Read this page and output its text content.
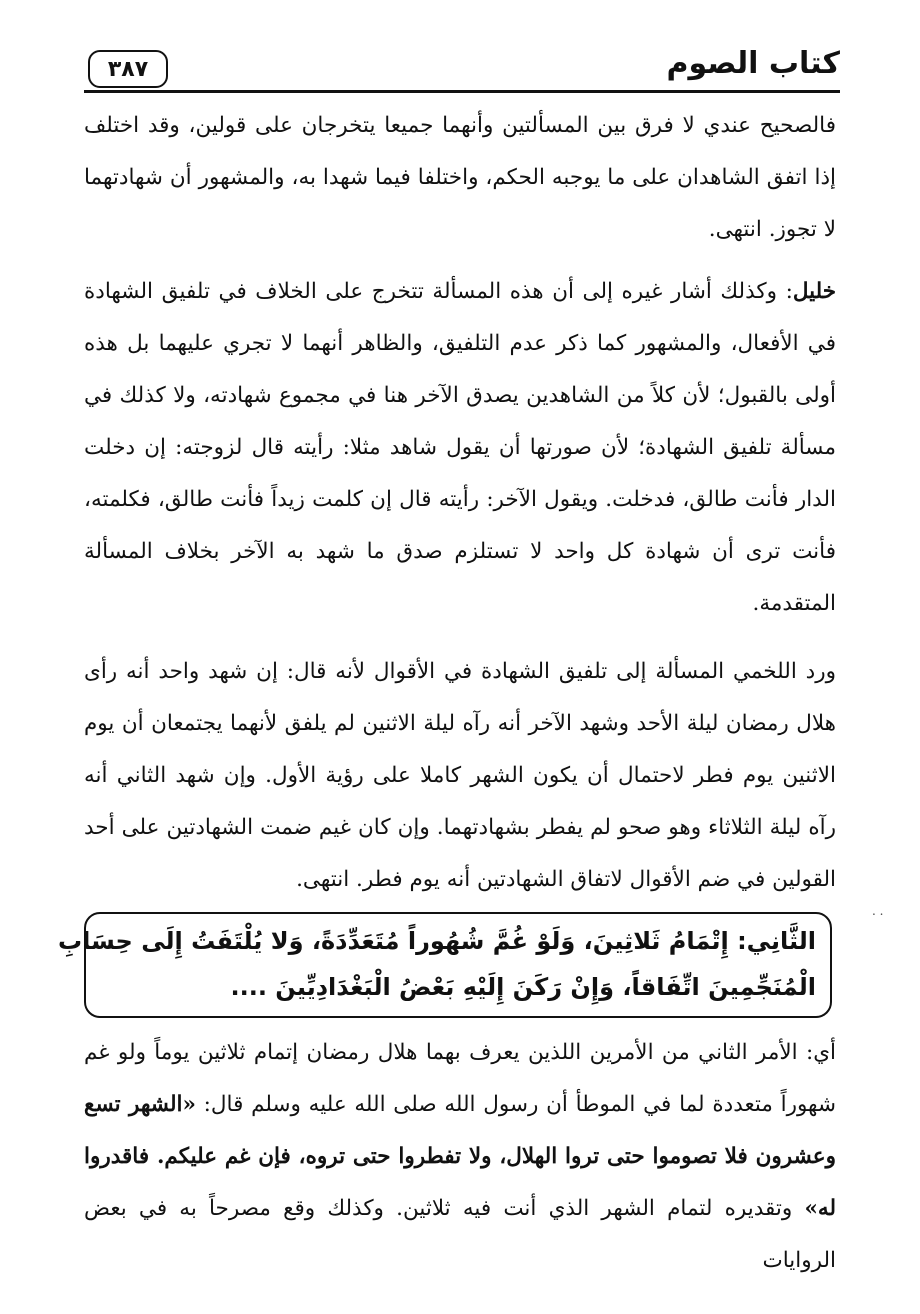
كتاب الصوم
٣٨٧

فالصحيح عندي لا فرق بين المسألتين وأنهما جميعا يتخرجان على قولين، وقد اختلف إذا اتفق الشاهدان على ما يوجبه الحكم، واختلفا فيما شهدا به، والمشهور أن شهادتهما لا تجوز. انتهى.

خليل: وكذلك أشار غيره إلى أن هذه المسألة تتخرج على الخلاف في تلفيق الشهادة في الأفعال، والمشهور كما ذكر عدم التلفيق، والظاهر أنهما لا تجري عليهما بل هذه أولى بالقبول؛ لأن كلاً من الشاهدين يصدق الآخر هنا في مجموع شهادته، ولا كذلك في مسألة تلفيق الشهادة؛ لأن صورتها أن يقول شاهد مثلا: رأيته قال لزوجته: إن دخلت الدار فأنت طالق، فدخلت. ويقول الآخر: رأيته قال إن كلمت زيداً فأنت طالق، فكلمته، فأنت ترى أن شهادة كل واحد لا تستلزم صدق ما شهد به الآخر بخلاف المسألة المتقدمة.

ورد اللخمي المسألة إلى تلفيق الشهادة في الأقوال لأنه قال: إن شهد واحد أنه رأى هلال رمضان ليلة الأحد وشهد الآخر أنه رآه ليلة الاثنين لم يلفق لأنهما يجتمعان أن يوم الاثنين يوم فطر لاحتمال أن يكون الشهر كاملا على رؤية الأول. وإن شهد الثاني أنه رآه ليلة الثلاثاء وهو صحو لم يفطر بشهادتهما. وإن كان غيم ضمت الشهادتين على أحد القولين في ضم الأقوال لاتفاق الشهادتين أنه يوم فطر. انتهى.

. .
الثَّانِي: إِتْمَامُ ثَلاثِينَ، وَلَوْ غُمَّ شُهُوراً مُتَعَدِّدَةً، وَلا يُلْتَفَتُ إِلَى حِسَابِ
الْمُنَجِّمِينَ اتِّفَاقاً، وَإِنْ رَكَنَ إِلَيْهِ بَعْضُ الْبَغْدَادِيِّينَ ....

أي: الأمر الثاني من الأمرين اللذين يعرف بهما هلال رمضان إتمام ثلاثين يوماً ولو غم شهوراً متعددة لما في الموطأ أن رسول الله صلى الله عليه وسلم قال: «الشهر تسع وعشرون فلا تصوموا حتى تروا الهلال، ولا تفطروا حتى تروه، فإن غم عليكم. فاقدروا له» وتقديره لتمام الشهر الذي أنت فيه ثلاثين. وكذلك وقع مصرحاً به في بعض الروايات
